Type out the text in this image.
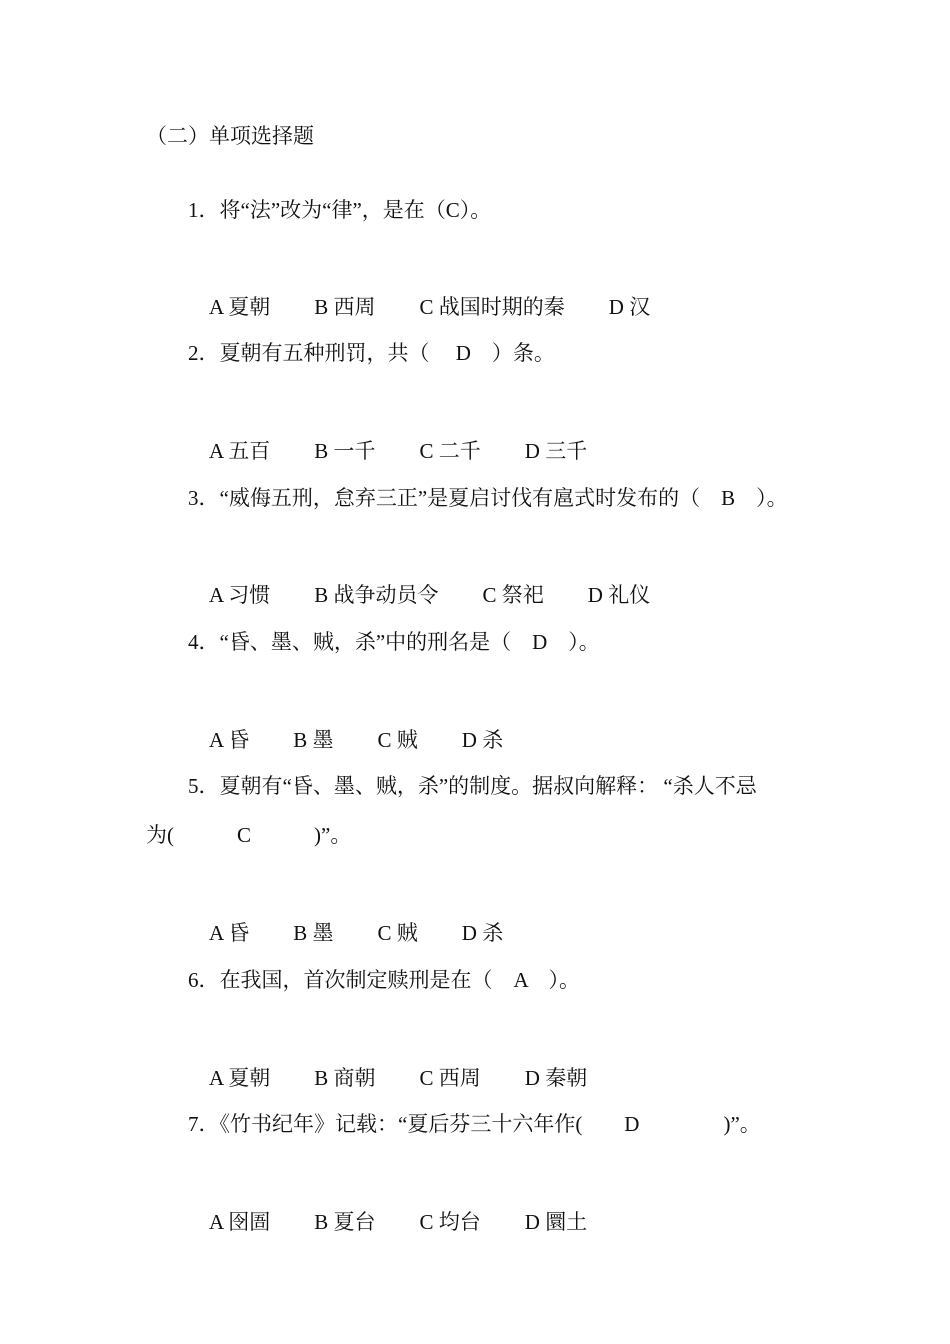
（二）单项选择题
1．将“法”改为“律”，是在（C）。

A 夏朝 B 西周 C 战国时期的秦 D 汉

2．夏朝有五种刑罚，共（　 D　）条。

A 五百 B 一千 C 二千 D 三千

3．“威侮五刑，怠弃三正”是夏启讨伐有扈式时发布的（　B　）。

A 习惯 B 战争动员令 C 祭祀 D 礼仪

4．“昏、墨、贼，杀”中的刑名是（　D　）。

A 昏 B 墨 C 贼 D 杀

5．夏朝有“昏、墨、贼，杀”的制度。据叔向解释： “杀人不忌
为(　　　C　　　)”。

A 昏 B 墨 C 贼 D 杀

6．在我国，首次制定赎刑是在（　A　）。

A 夏朝 B 商朝 C 西周 D 秦朝

7．《竹书纪年》记载：“夏后芬三十六年作(　　D　　　　)”。

A 囹圄 B 夏台 C 均台 D 圜土
